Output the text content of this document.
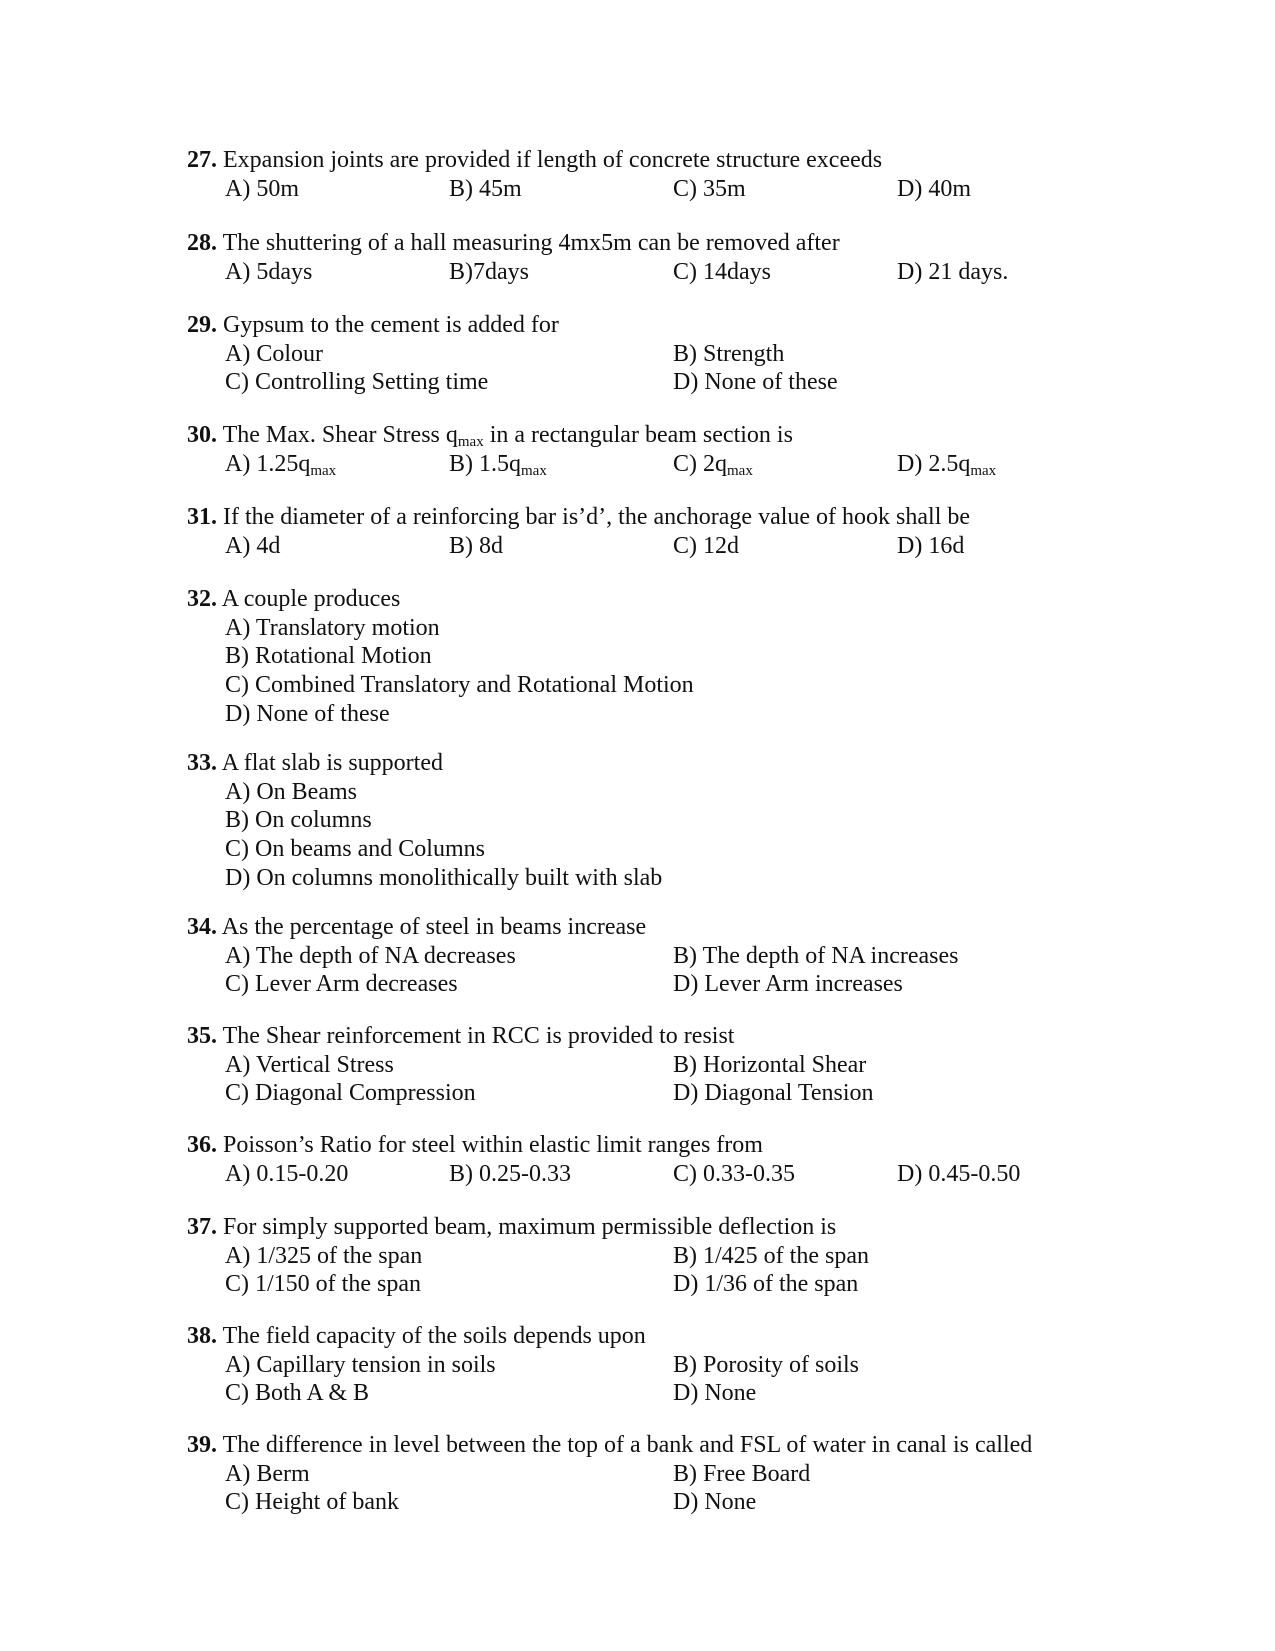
27. Expansion joints are provided if length of concrete structure exceeds
A) 50m	B) 45m	C) 35m	D) 40m
28. The shuttering of a hall measuring 4mx5m can be removed after
A) 5days	B)7days	C) 14days	D) 21 days.
29. Gypsum to the cement is added for
A) Colour	B) Strength
C) Controlling Setting time	D) None of these
30. The Max. Shear Stress $q_{max}$ in a rectangular beam section is
A) $1.25q_{max}$	B) $1.5q_{max}$	C) $2q_{max}$	D) $2.5q_{max}$
31. If the diameter of a reinforcing bar is’d’, the anchorage value of hook shall be
A) 4d	B) 8d	C) 12d	D) 16d
32. A couple produces
A) Translatory motion
B) Rotational Motion
C) Combined Translatory and Rotational Motion
D) None of these
33. A flat slab is supported
A) On Beams
B) On columns
C) On beams and Columns
D) On columns monolithically built with slab
34. As the percentage of steel in beams increase
A) The depth of NA decreases	B) The depth of NA increases
C) Lever Arm decreases	D) Lever Arm increases
35. The Shear reinforcement in RCC is provided to resist
A) Vertical Stress	B) Horizontal Shear
C) Diagonal Compression	D) Diagonal Tension
36. Poisson’s Ratio for steel within elastic limit ranges from
A) 0.15-0.20	B) 0.25-0.33	C) 0.33-0.35	D) 0.45-0.50
37. For simply supported beam, maximum permissible deflection is
A) 1/325 of the span	B) 1/425 of the span
C) 1/150 of the span	D) 1/36 of the span
38. The field capacity of the soils depends upon
A) Capillary tension in soils	B) Porosity of soils
C) Both A & B	D) None
39. The difference in level between the top of a bank and FSL of water in canal is called
A) Berm	B) Free Board
C) Height of bank	D) None
